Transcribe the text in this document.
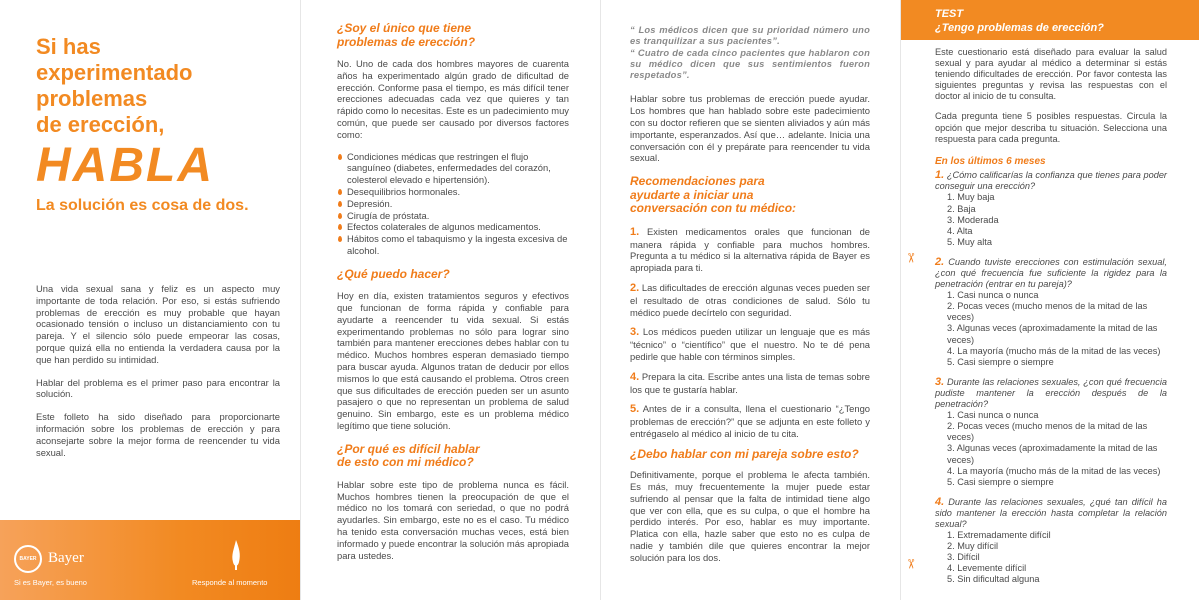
Si has
experimentado
problemas
de erección,
HABLA
La solución es cosa de dos.

Una vida sexual sana y feliz es un aspecto muy importante de toda relación. Por eso, si estás sufriendo problemas de erección es muy probable que hayan ocasionado tensión o incluso un distanciamiento con tu pareja. Y el silencio sólo puede empeorar las cosas, porque quizá ella no entienda la verdadera causa por la que han perdido su intimidad.

Hablar del problema es el primer paso para encontrar la solución.

Este folleto ha sido diseñado para proporcionarte información sobre los problemas de erección y para aconsejarte sobre la mejor forma de reencender tu vida sexual.

BAYER Bayer
Si es Bayer, es bueno	Responde al momento
¿Soy el único que tiene
problemas de erección?

No. Uno de cada dos hombres mayores de cuarenta años ha experimentado algún grado de dificultad de erección. Conforme pasa el tiempo, es más difícil tener erecciones adecuadas cada vez que quieres y tan rápido como lo necesitas. Este es un padecimiento muy común, que puede ser causado por diversos factores como:

Condiciones médicas que restringen el flujo sanguíneo (diabetes, enfermedades del corazón, colesterol elevado e hipertensión).
Desequilibrios hormonales.
Depresión.
Cirugía de próstata.
Efectos colaterales de algunos medicamentos.
Hábitos como el tabaquismo y la ingesta excesiva de alcohol.
¿Qué puedo hacer?

Hoy en día, existen tratamientos seguros y efectivos que funcionan de forma rápida y confiable para ayudarte a reencender tu vida sexual. Si estás experimentando problemas no sólo para lograr sino también para mantener erecciones debes hablar con tu médico. Muchos hombres esperan demasiado tiempo para buscar ayuda. Algunos tratan de deducir por ellos mismos lo que está causando el problema. Otros creen que sus dificultades de erección pueden ser un asunto pasajero o que no representan un problema de salud genuino. Sin embargo, este es un problema médico legítimo que tiene solución.

¿Por qué es difícil hablar
de esto con mi médico?

Hablar sobre este tipo de problema nunca es fácil. Muchos hombres tienen la preocupación de que el médico no los tomará con seriedad, o que no podrá ayudarles. Sin embargo, este no es el caso. Tu médico ha tenido esta conversación muchas veces, está bien informado y puede encontrar la solución más apropiada para ustedes.

“ Los médicos dicen que su prioridad número uno es tranquilizar a sus pacientes”.

“ Cuatro de cada cinco pacientes que hablaron con su médico dicen que sus sentimientos fueron respetados”.

Hablar sobre tus problemas de erección puede ayudar. Los hombres que han hablado sobre este padecimiento con su doctor refieren que se sienten aliviados y aún más importante, esperanzados. Así que… adelante. Inicia una conversación con él y prepárate para reencender tu vida sexual.

Recomendaciones para
ayudarte a iniciar una
conversación con tu médico:

1. Existen medicamentos orales que funcionan de manera rápida y confiable para muchos hombres. Pregunta a tu médico si la alternativa rápida de Bayer es apropiada para ti.

2. Las dificultades de erección algunas veces pueden ser el resultado de otras condiciones de salud. Sólo tu médico puede decírtelo con seguridad.

3. Los médicos pueden utilizar un lenguaje que es más “técnico” o “científico” que el nuestro. No te dé pena pedirle que hable con términos simples.

4. Prepara la cita. Escribe antes una lista de temas sobre los que te gustaría hablar.

5. Antes de ir a consulta, llena el cuestionario “¿Tengo problemas de erección?” que se adjunta en este folleto y entrégaselo al médico al inicio de tu cita.

¿Debo hablar con mi pareja sobre esto?

Definitivamente, porque el problema le afecta también. Es más, muy frecuentemente la mujer puede estar sufriendo al pensar que la falta de intimidad tiene algo que ver con ella, que es su culpa, o que el hombre ha perdido interés. Por eso, hablar es muy importante. Platica con ella, hazle saber que esto no es culpa de nadie y también dile que quieres encontrar la mejor solución para los dos.

TEST
¿Tengo problemas de erección?
✂
✂

Este cuestionario está diseñado para evaluar la salud sexual y para ayudar al médico a determinar si estás teniendo dificultades de erección. Por favor contesta las siguientes preguntas y revisa las respuestas con el doctor al inicio de tu consulta.

Cada pregunta tiene 5 posibles respuestas. Circula la opción que mejor describa tu situación. Selecciona una respuesta para cada pregunta.

En los últimos 6 meses

1. ¿Cómo calificarías la confianza que tienes para poder conseguir una erección?

1. Muy baja
2. Baja
3. Moderada
4. Alta
5. Muy alta

2. Cuando tuviste erecciones con estimulación sexual, ¿con qué frecuencia fue suficiente la rigidez para la penetración (entrar en tu pareja)?

1. Casi nunca o nunca
2. Pocas veces (mucho menos de la mitad de las veces)
3. Algunas veces (aproximadamente la mitad de las veces)
4. La mayoría (mucho más de la mitad de las veces)
5. Casi siempre o siempre

3. Durante las relaciones sexuales, ¿con qué frecuencia pudiste mantener la erección después de la penetración?

1. Casi nunca o nunca
2. Pocas veces (mucho menos de la mitad de las veces)
3. Algunas veces (aproximadamente la mitad de las veces)
4. La mayoría (mucho más de la mitad de las veces)
5. Casi siempre o siempre

4. Durante las relaciones sexuales, ¿qué tan difícil ha sido mantener la erección hasta completar la relación sexual?

1. Extremadamente difícil
2. Muy difícil
3. Difícil
4. Levemente difícil
5. Sin dificultad alguna
